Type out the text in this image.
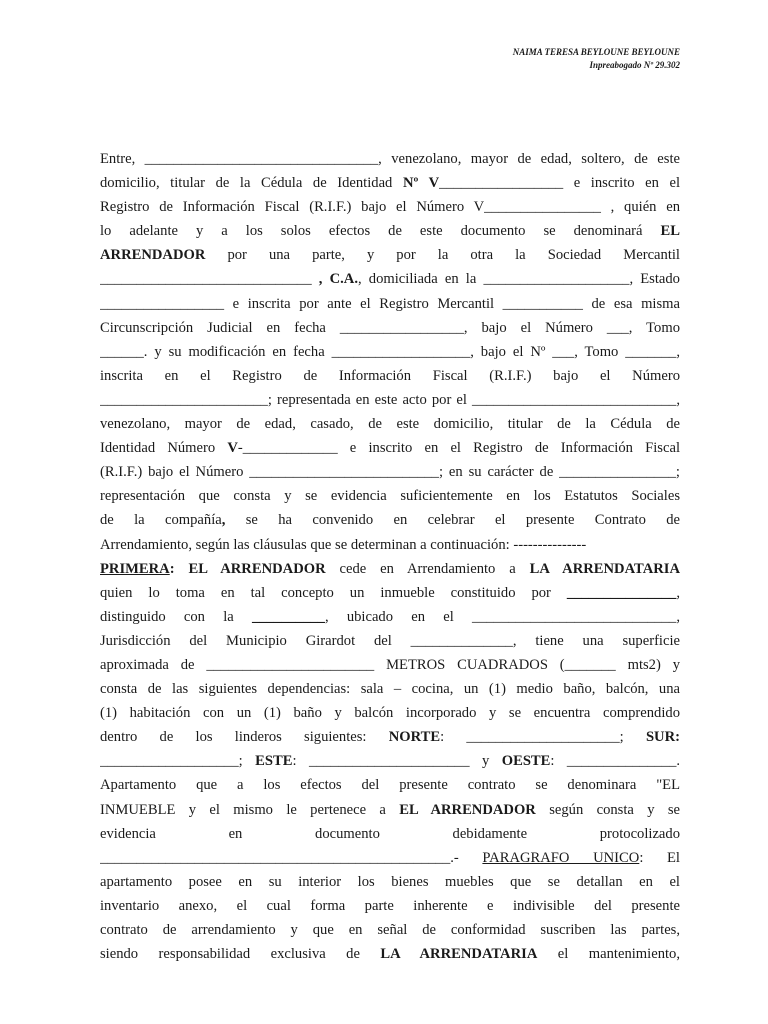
NAIMA TERESA BEYLOUNE BEYLOUNE
Inpreabogado Nº 29.302
Entre, ________________________________, venezolano, mayor de edad, soltero, de este
domicilio, titular de la Cédula de Identidad Nº V_________________ e inscrito en el
Registro de Información Fiscal (R.I.F.) bajo el Número V________________ , quién en
lo adelante y a los solos efectos de este documento se denominará EL
ARRENDADOR por una parte, y por la otra la Sociedad Mercantil
_____________________________ , C.A., domiciliada en la ____________________, Estado
_________________ e inscrita por ante el Registro Mercantil ___________ de esa misma
Circunscripción Judicial en fecha _________________, bajo el Número ___, Tomo
______. y su modificación en fecha ___________________, bajo el Nº ___, Tomo _______,
inscrita en el Registro de Información Fiscal (R.I.F.) bajo el Número
_______________________; representada en este acto por el ____________________________,
venezolano, mayor de edad, casado, de este domicilio, titular de la Cédula de
Identidad Número V-_____________ e inscrito en el Registro de Información Fiscal
(R.I.F.) bajo el Número __________________________; en su carácter de ________________;
representación que consta y se evidencia suficientemente en los Estatutos Sociales
de la compañía, se ha convenido en celebrar el presente Contrato de
Arrendamiento, según las cláusulas que se determinan a continuación: ---------------
PRIMERA: EL ARRENDADOR cede en Arrendamiento a LA ARRENDATARIA
quien lo toma en tal concepto un inmueble constituido por _______________,
distinguido con la __________, ubicado en el ____________________________,
Jurisdicción del Municipio Girardot del ______________, tiene una superficie
aproximada de _______________________ METROS CUADRADOS (_______ mts2) y
consta de las siguientes dependencias: sala – cocina, un (1) medio baño, balcón, una
(1) habitación con un (1) baño y balcón incorporado y se encuentra comprendido
dentro de los linderos siguientes: NORTE: _____________________; SUR:
___________________; ESTE: ______________________ y OESTE: _______________.
Apartamento que a los efectos del presente contrato se denominara "EL
INMUEBLE y el mismo le pertenece a EL ARRENDADOR según consta y se
evidencia en documento debidamente protocolizado
________________________________________________.- PARAGRAFO UNICO: El
apartamento posee en su interior los bienes muebles que se detallan en el
inventario anexo, el cual forma parte inherente e indivisible del presente
contrato de arrendamiento y que en señal de conformidad suscriben las partes,
siendo responsabilidad exclusiva de LA ARRENDATARIA el mantenimiento,
